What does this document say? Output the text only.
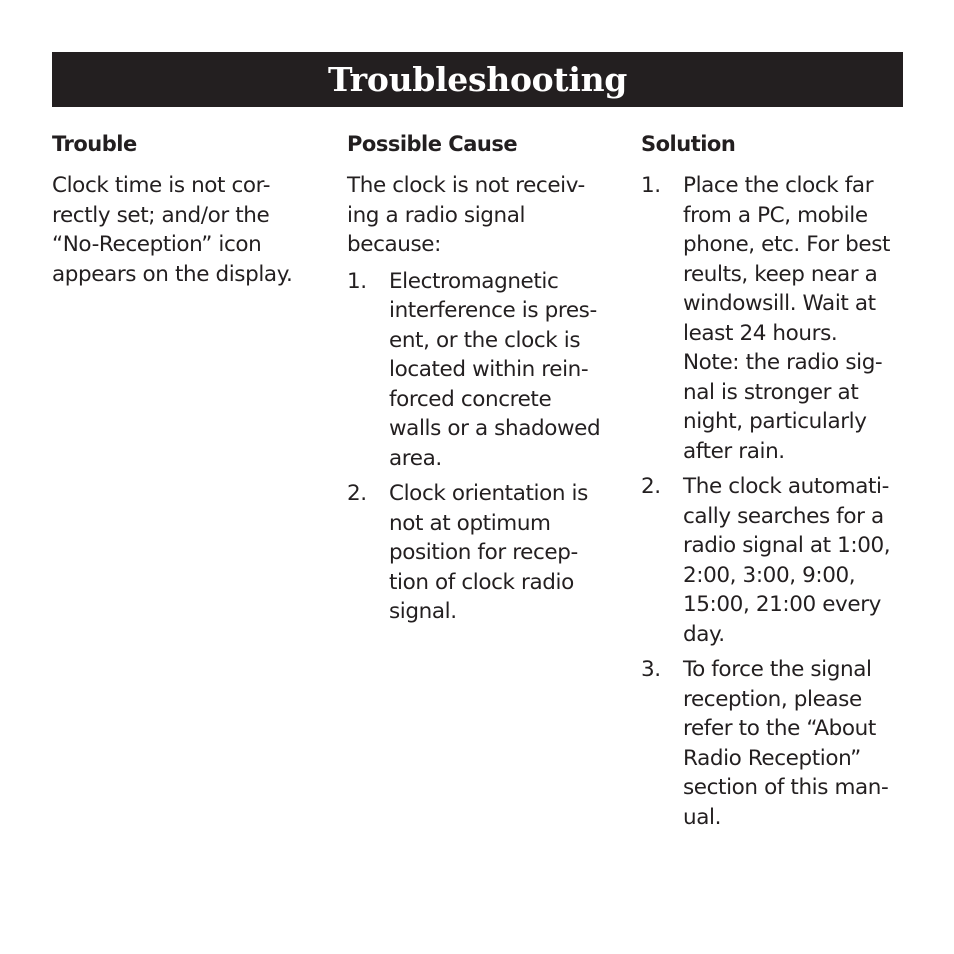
Troubleshooting
Trouble
Clock time is not cor-
rectly set; and/or the
“No-Reception” icon
appears on the display.
Possible Cause
The clock is not receiv-
ing a radio signal
because:
1.	Electromagnetic
interference is pres-
ent, or the clock is
located within rein-
forced concrete
walls or a shadowed
area.
2.	Clock orientation is
not at optimum
position for recep-
tion of clock radio
signal.
Solution
1.	Place the clock far
from a PC, mobile
phone, etc. For best
reults, keep near a
windowsill. Wait at
least 24 hours.
Note: the radio sig-
nal is stronger at
night, particularly
after rain.
2.	The clock automati-
cally searches for a
radio signal at 1:00,
2:00, 3:00, 9:00,
15:00, 21:00 every
day.
3.	To force the signal
reception, please
refer to the “About
Radio Reception”
section of this man-
ual.
